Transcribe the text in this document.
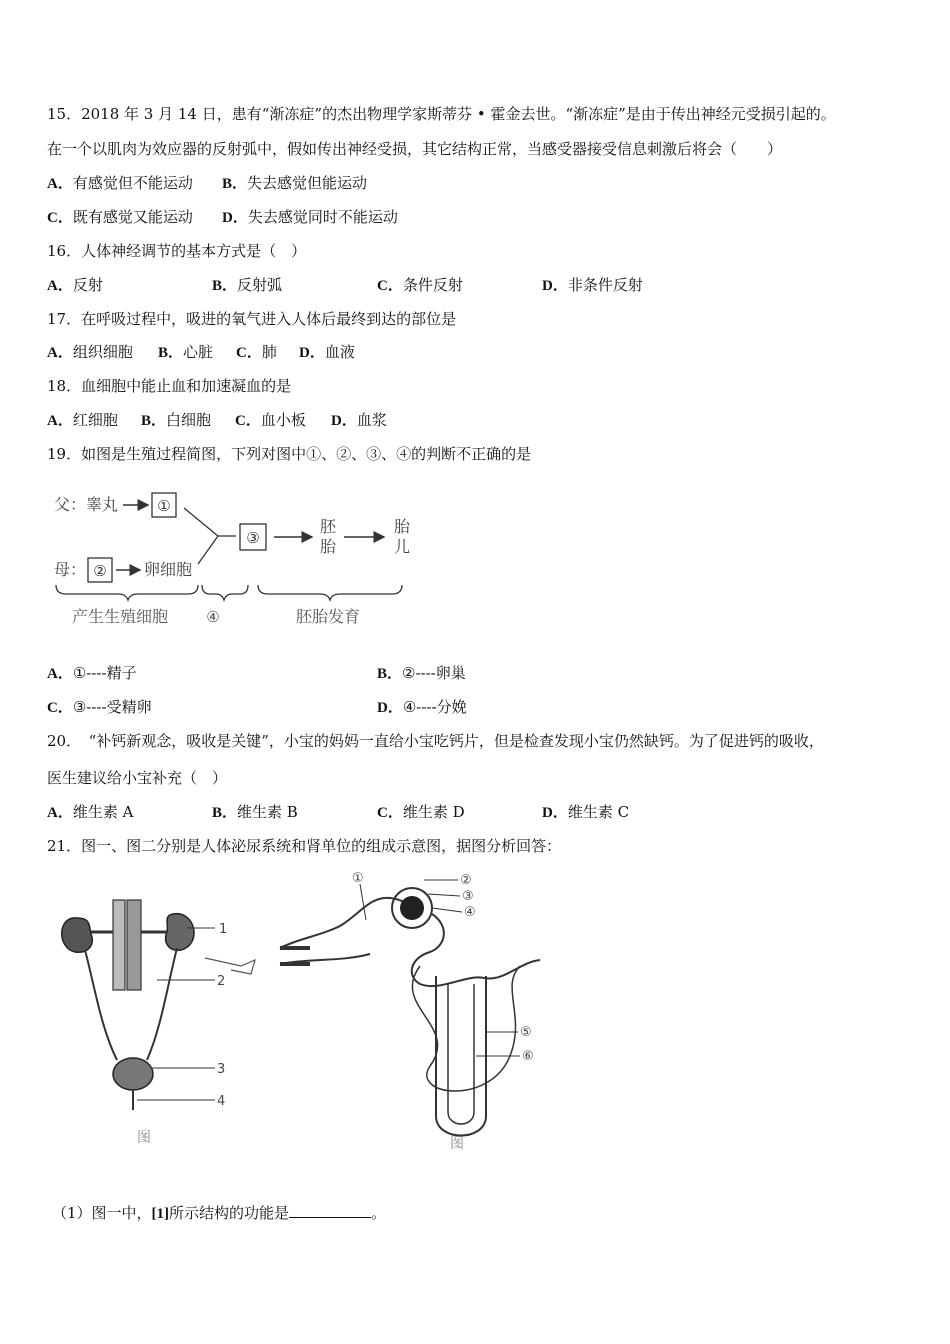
15．2018 年 3 月 14 日，患有“渐冻症”的杰出物理学家斯蒂芬 • 霍金去世。“渐冻症”是由于传出神经元受损引起的。
在一个以肌肉为效应器的反射弧中，假如传出神经受损，其它结构正常，当感受器接受信息刺激后将会（　　）
A．有感觉但不能运动 B．失去感觉但能运动
C．既有感觉又能运动 D．失去感觉同时不能运动
16．人体神经调节的基本方式是（　）
A．反射	B．反射弧	C．条件反射	D．非条件反射
17．在呼吸过程中，吸进的氧气进入人体后最终到达的部位是
A．组织细胞 B．心脏 C．肺 D．血液
18．血细胞中能止血和加速凝血的是
A．红细胞 B．白细胞 C．血小板 D．血浆
19．如图是生殖过程简图，下列对图中①、②、③、④的判断不正确的是
父：睾丸	①
母： ② 卵细胞
③
胚
胎
胎
儿
产生生殖细胞	④	胚胎发育
A．①----精子	B．②----卵巢
C．③----受精卵	D．④----分娩
20．　“补钙新观念，吸收是关键”，小宝的妈妈一直给小宝吃钙片，但是检查发现小宝仍然缺钙。为了促进钙的吸收，
医生建议给小宝补充（　）
A．维生素 A	B．维生素 B	C．维生素 D	D．维生素 C
21．图一、图二分别是人体泌尿系统和肾单位的组成示意图，据图分析回答：
1
2
3
4
图
①	②
③
④
⑤
⑥
图
（1）图一中，[1]所示结构的功能是	。
